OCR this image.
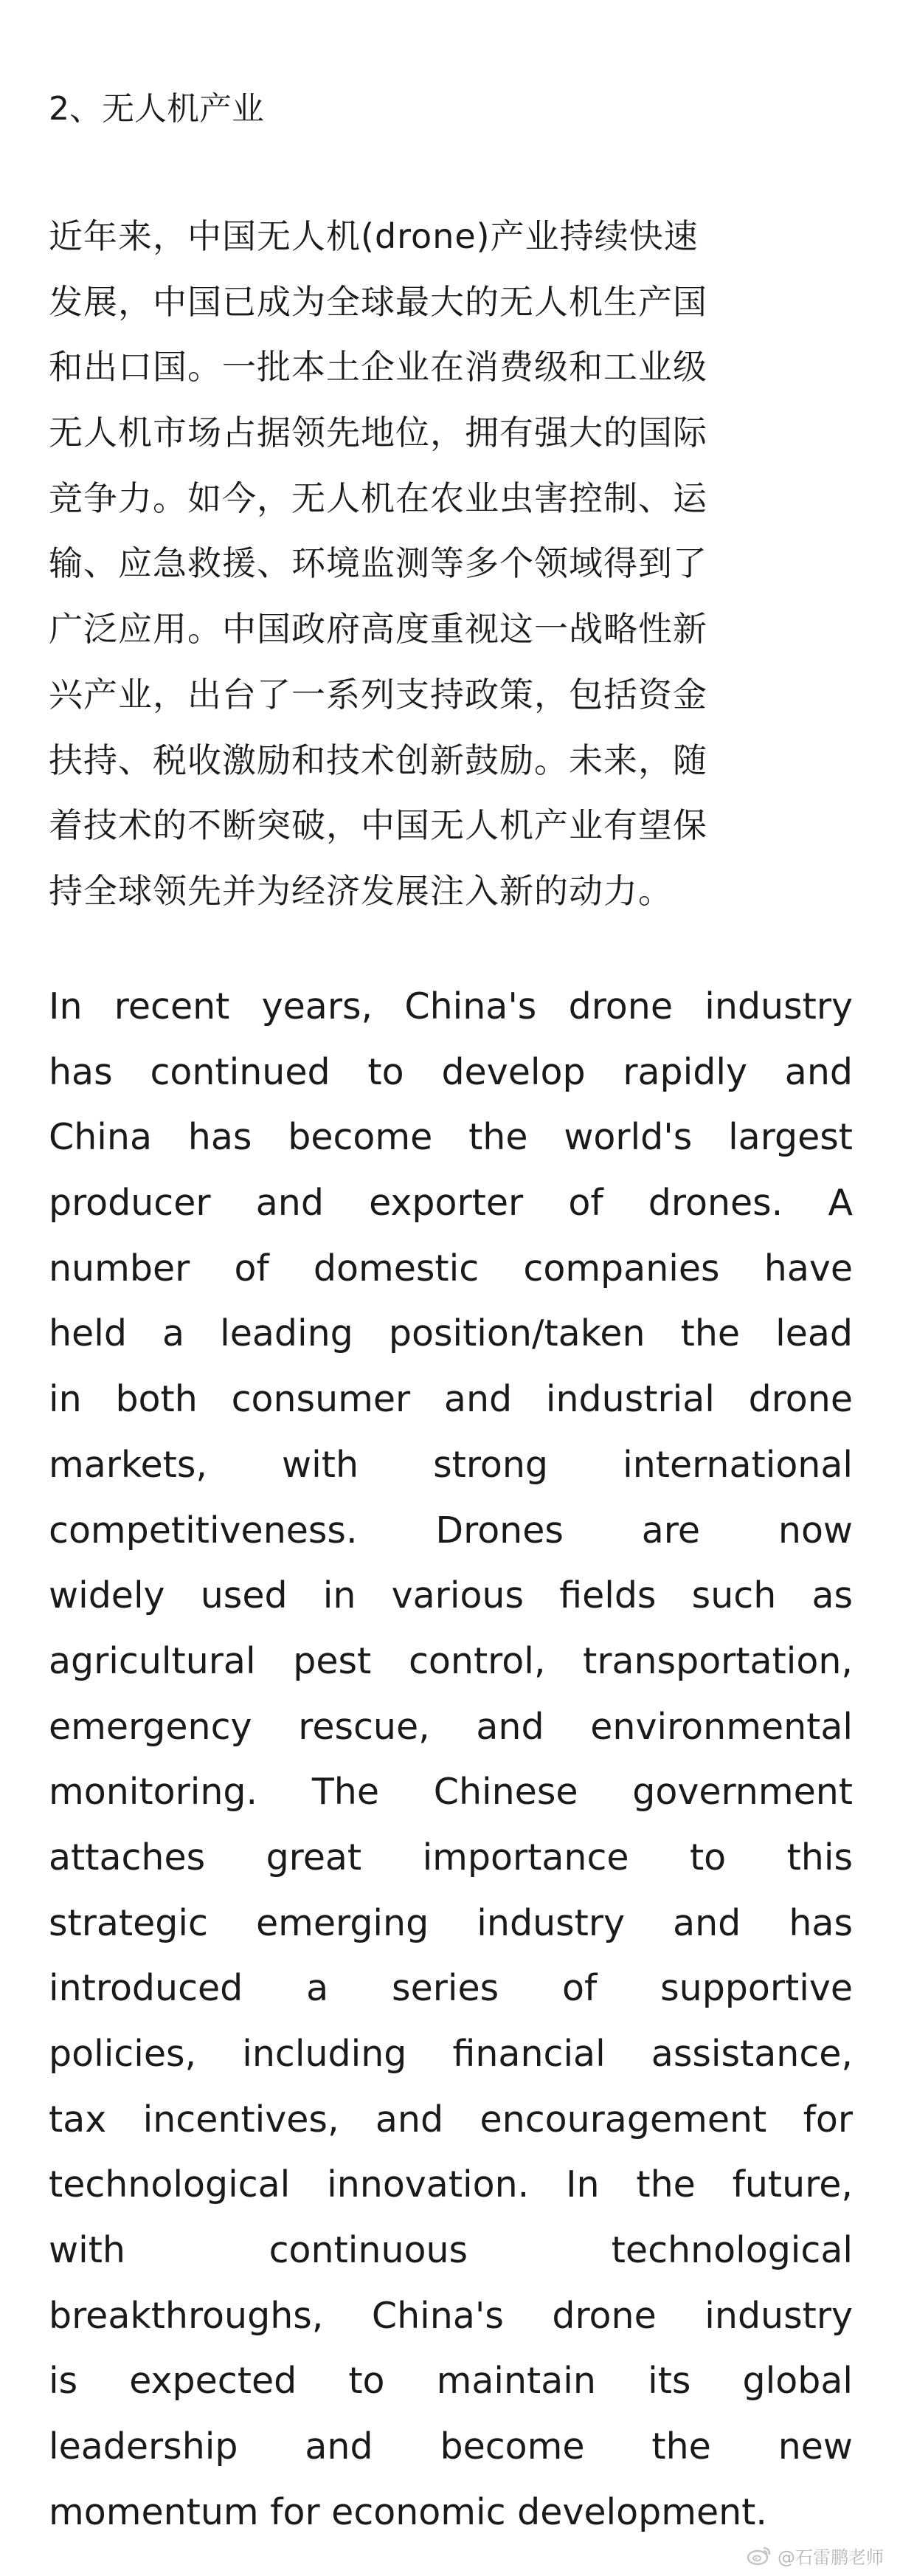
2、无人机产业
近年来，中国无人机(drone)产业持续快速
发展，中国已成为全球最大的无人机生产国
和出口国。一批本土企业在消费级和工业级
无人机市场占据领先地位，拥有强大的国际
竞争力。如今，无人机在农业虫害控制、运
输、应急救援、环境监测等多个领域得到了
广泛应用。中国政府高度重视这一战略性新
兴产业，出台了一系列支持政策，包括资金
扶持、税收激励和技术创新鼓励。未来，随
着技术的不断突破，中国无人机产业有望保
持全球领先并为经济发展注入新的动力。
In recent years, China's drone industry
has continued to develop rapidly and
China has become the world's largest
producer and exporter of drones. A
number of domestic companies have
held a leading position/taken the lead
in both consumer and industrial drone
markets, with strong international
competitiveness. Drones are now
widely used in various fields such as
agricultural pest control, transportation,
emergency rescue, and environmental
monitoring. The Chinese government
attaches great importance to this
strategic emerging industry and has
introduced a series of supportive
policies, including financial assistance,
tax incentives, and encouragement for
technological innovation. In the future,
with continuous technological
breakthroughs, China's drone industry
is expected to maintain its global
leadership and become the new
momentum for economic development.
@石雷鹏老师
